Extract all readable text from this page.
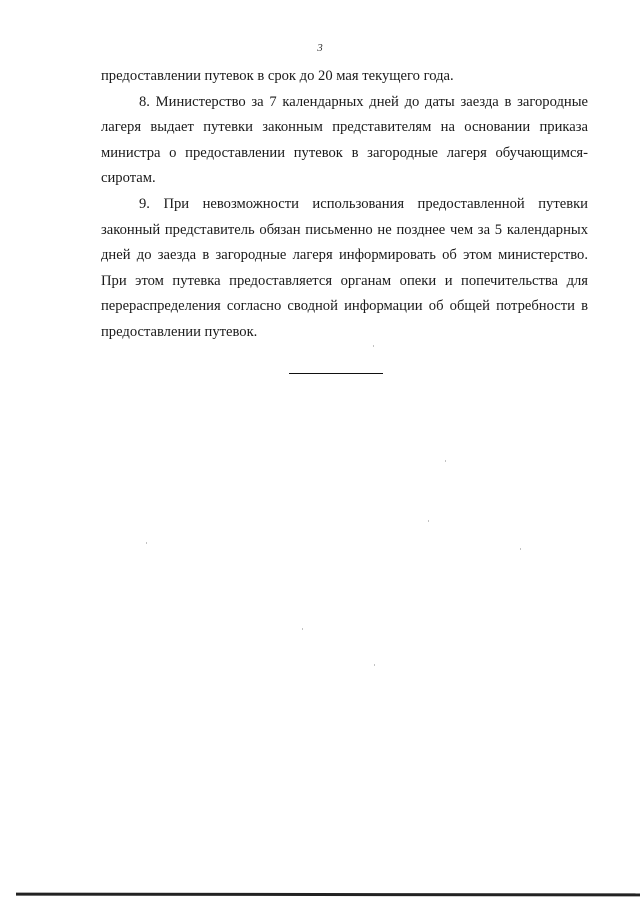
3

предоставлении путевок в срок до 20 мая текущего года.

8. Министерство за 7 календарных дней до даты заезда в загородные лагеря выдает путевки законным представителям на основании приказа министра о предоставлении путевок в загородные лагеря обучающимся-сиротам.

9. При невозможности использования предоставленной путевки законный представитель обязан письменно не позднее чем за 5 календарных дней до заезда в загородные лагеря информировать об этом министерство. При этом путевка предоставляется органам опеки и попечительства для перераспределения согласно сводной информации об общей потребности в предоставлении путевок.
